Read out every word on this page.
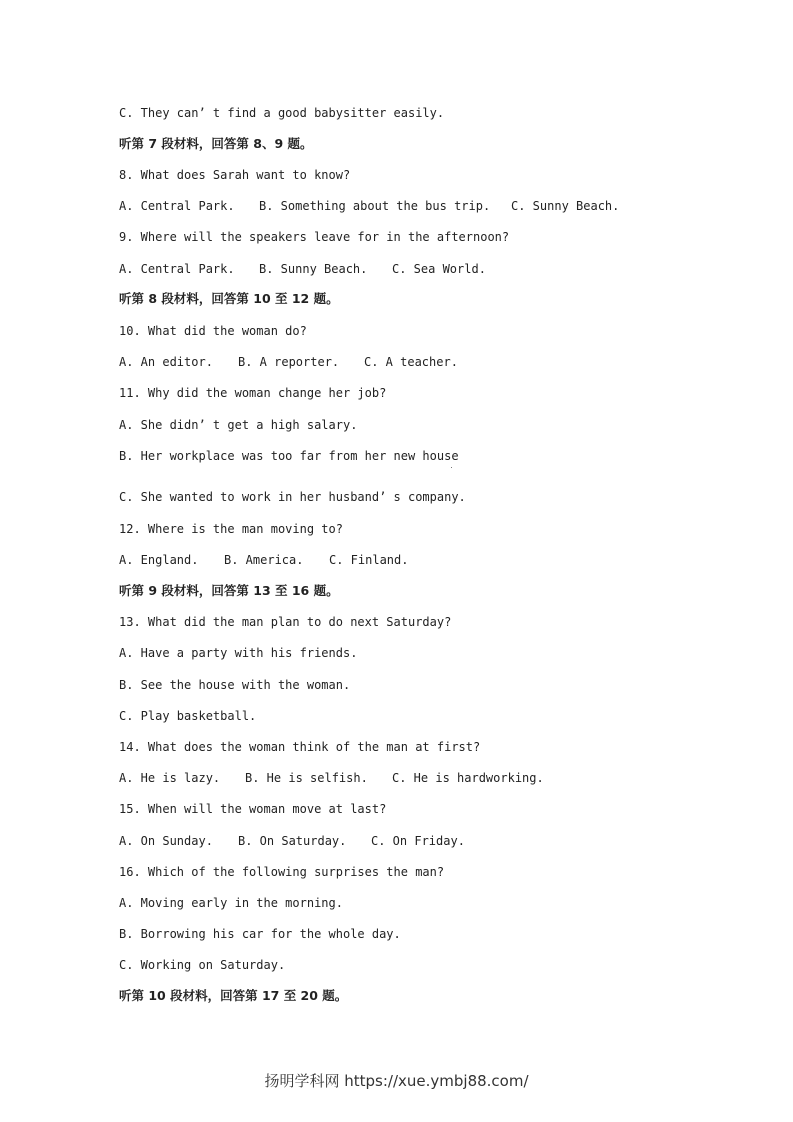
C. They can’ t find a good babysitter easily.
听第 7 段材料，回答第 8、9 题。
8. What does Sarah want to know?
A. Central Park. B. Something about the bus trip. C. Sunny Beach.
9. Where will the speakers leave for in the afternoon?
A. Central Park. B. Sunny Beach. C. Sea World.
听第 8 段材料，回答第 10 至 12 题。
10. What did the woman do?
A. An editor. B. A reporter. C. A teacher.
11. Why did the woman change her job?
A. She didn’ t get a high salary.
B. Her workplace was too far from her new house
C. She wanted to work in her husband’ s company.
12. Where is the man moving to?
A. England. B. America. C. Finland.
听第 9 段材料，回答第 13 至 16 题。
13. What did the man plan to do next Saturday?
A. Have a party with his friends.
B. See the house with the woman.
C. Play basketball.
14. What does the woman think of the man at first?
A. He is lazy. B. He is selfish. C. He is hardworking.
15. When will the woman move at last?
A. On Sunday. B. On Saturday. C. On Friday.
16. Which of the following surprises the man?
A. Moving early in the morning.
B. Borrowing his car for the whole day.
C. Working on Saturday.
听第 10 段材料，回答第 17 至 20 题。
扬明学科网 https://xue.ymbj88.com/
